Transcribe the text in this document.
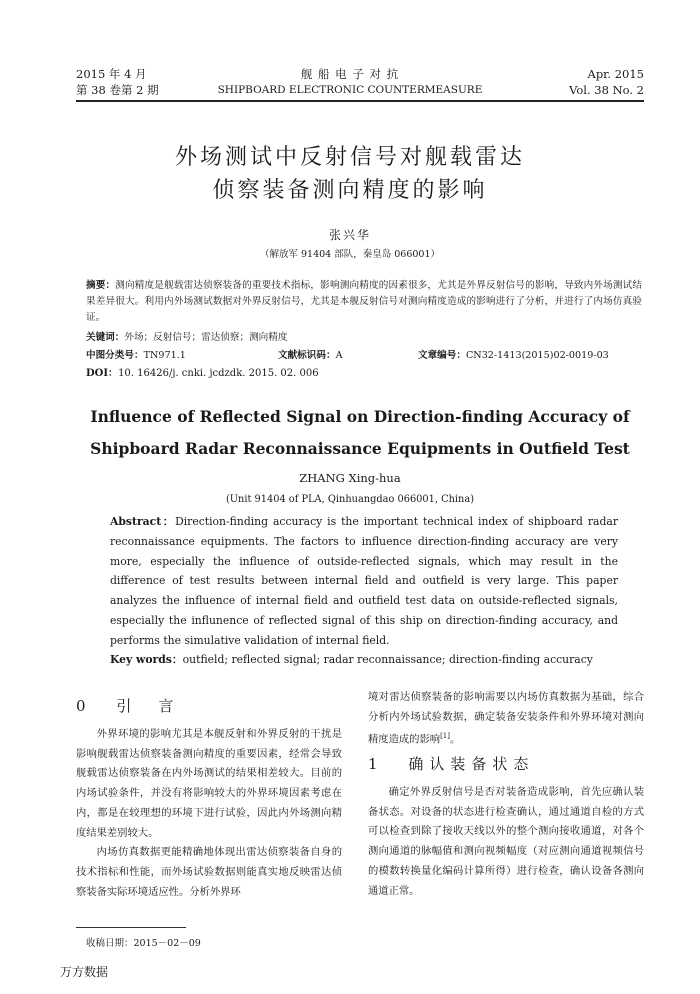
2015 年 4 月
第 38 卷第 2 期
舰 船 电 子 对 抗
SHIPBOARD ELECTRONIC COUNTERMEASURE
Apr. 2015
Vol. 38 No. 2
外场测试中反射信号对舰载雷达
侦察装备测向精度的影响
张兴华
（解放军 91404 部队，秦皇岛 066001）
摘要：测向精度是舰载雷达侦察装备的重要技术指标，影响测向精度的因素很多，尤其是外界反射信号的影响，导致内外场测试结果差异很大。利用内外场测试数据对外界反射信号，尤其是本舰反射信号对测向精度造成的影响进行了分析，并进行了内场仿真验证。
关键词：外场；反射信号；雷达侦察；测向精度
中图分类号：TN971.1	文献标识码：A	文章编号：CN32-1413(2015)02-0019-03
DOI：10. 16426/j. cnki. jcdzdk. 2015. 02. 006
Influence of Reflected Signal on Direction-finding Accuracy of
Shipboard Radar Reconnaissance Equipments in Outfield Test
ZHANG Xing-hua
(Unit 91404 of PLA, Qinhuangdao 066001, China)
Abstract：Direction-finding accuracy is the important technical index of shipboard radar reconnaissance equipments. The factors to influence direction-finding accuracy are very more, especially the influence of outside-reflected signals, which may result in the difference of test results between internal field and outfield is very large. This paper analyzes the influence of internal field and outfield test data on outside-reflected signals, especially the influnence of reflected signal of this ship on direction-finding accuracy, and performs the simulative validation of internal field.
Key words：outfield; reflected signal; radar reconnaissance; direction-finding accuracy
0 引　言

外界环境的影响尤其是本舰反射和外界反射的干扰是影响舰载雷达侦察装备测向精度的重要因素，经常会导致舰载雷达侦察装备在内外场测试的结果相差较大。目前的内场试验条件，并没有将影响较大的外界环境因素考虑在内，都是在较理想的环境下进行试验，因此内外场测向精度结果差别较大。

内场仿真数据更能精确地体现出雷达侦察装备自身的技术指标和性能，而外场试验数据则能真实地反映雷达侦察装备实际环境适应性。分析外界环

境对雷达侦察装备的影响需要以内场仿真数据为基础，综合分析内外场试验数据，确定装备安装条件和外界环境对测向精度造成的影响[1]。
1 确认装备状态

确定外界反射信号是否对装备造成影响，首先应确认装备状态。对设备的状态进行检查确认，通过通道自检的方式可以检查到除了接收天线以外的整个测向接收通道，对各个测向通道的脉幅值和测向视频幅度（对应测向通道视频信号的模数转换量化编码计算所得）进行检查，确认设备各测向通道正常。

收稿日期：2015－02－09
万方数据
